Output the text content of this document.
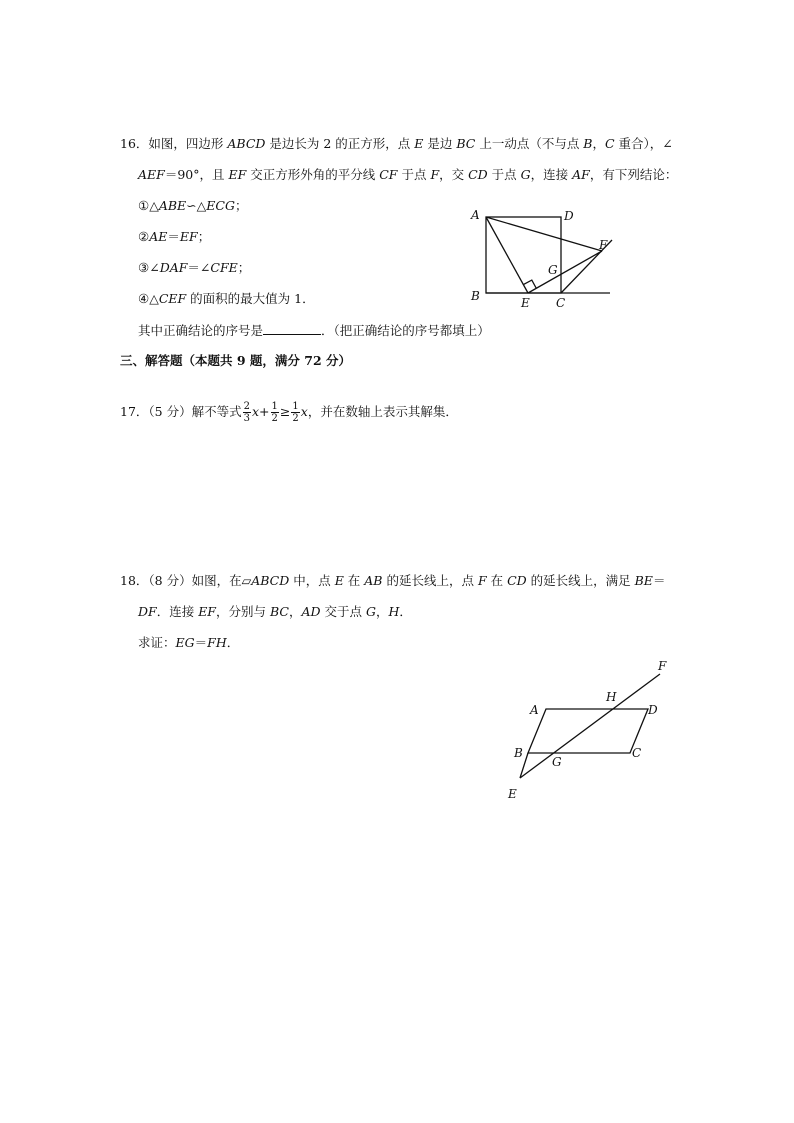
16．如图，四边形 ABCD 是边长为 2 的正方形，点 E 是边 BC 上一动点（不与点 B，C 重合），∠
AEF＝90°，且 EF 交正方形外角的平分线 CF 于点 F，交 CD 于点 G，连接 AF，有下列结论：
①△ABE∽△ECG；
②AE＝EF；
③∠DAF＝∠CFE；
④△CEF 的面积的最大值为 1．
其中正确结论的序号是	．（把正确结论的序号都填上）
A	D
B	E C
G
F
三、解答题（本题共 9 题，满分 72 分）
17．（5 分）解不等式 $\frac{2}{3} x+ \frac{1}{2} \ge \frac{1}{2}$ x，并在数轴上表示其解集．
18．（8 分）如图，在▱ABCD 中，点 E 在 AB 的延长线上，点 F 在 CD 的延长线上，满足 BE＝
DF．连接 EF，分别与 BC，AD 交于点 G，H．
求证：EG＝FH．
A
H
D
F
B	C
G
E
